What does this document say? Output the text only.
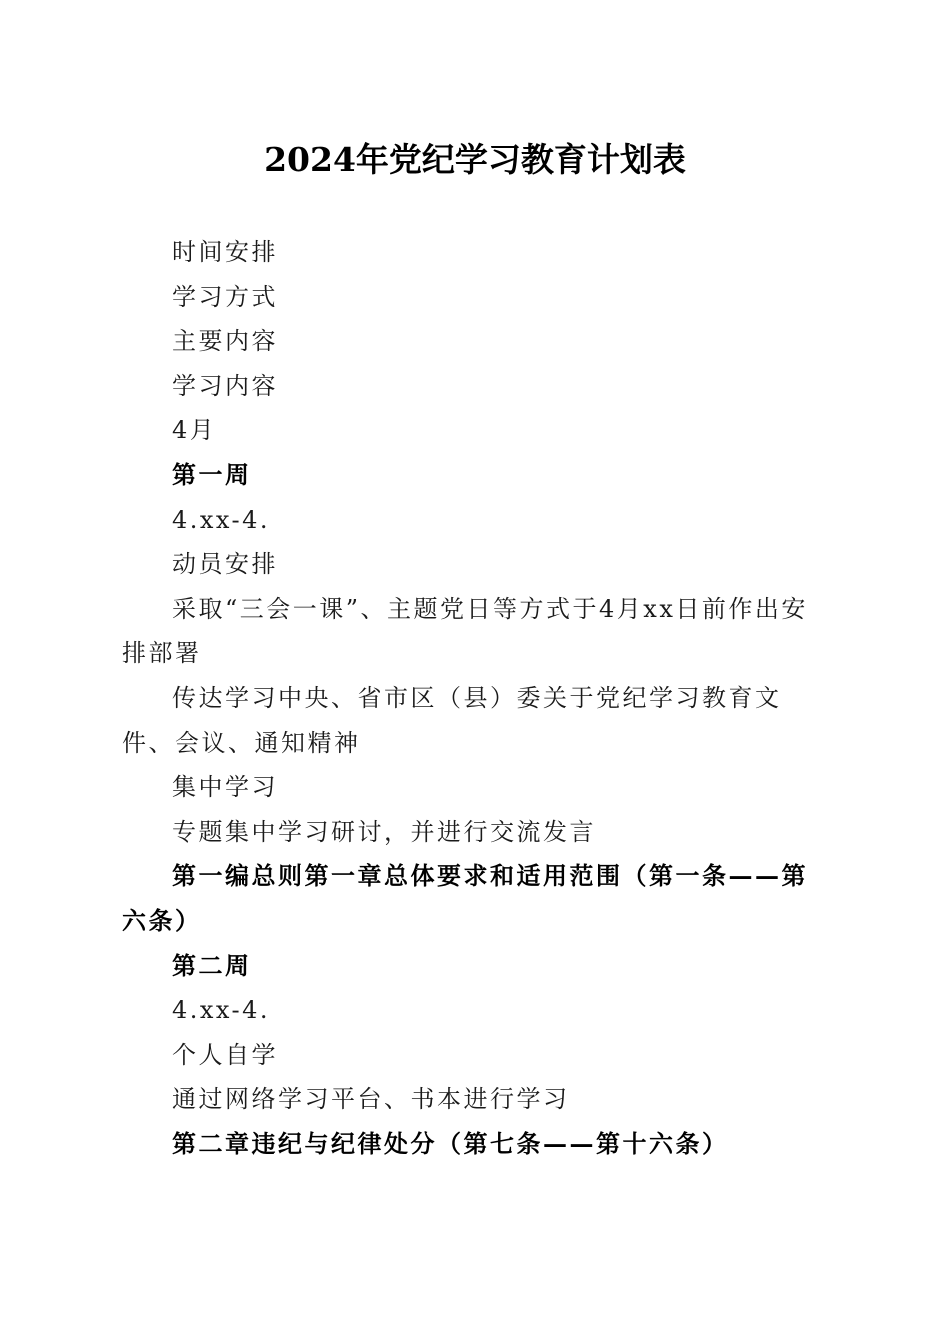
2024年党纪学习教育计划表

时间安排

学习方式

主要内容

学习内容

4月

第一周

4.xx-4.

动员安排

采取“三会一课”、主题党日等方式于4月xx日前作出安排部署

传达学习中央、省市区（县）委关于党纪学习教育文件、会议、通知精神

集中学习

专题集中学习研讨，并进行交流发言

第一编总则第一章总体要求和适用范围（第一条——第六条）

第二周

4.xx-4.

个人自学

通过网络学习平台、书本进行学习

第二章违纪与纪律处分（第七条——第十六条）
